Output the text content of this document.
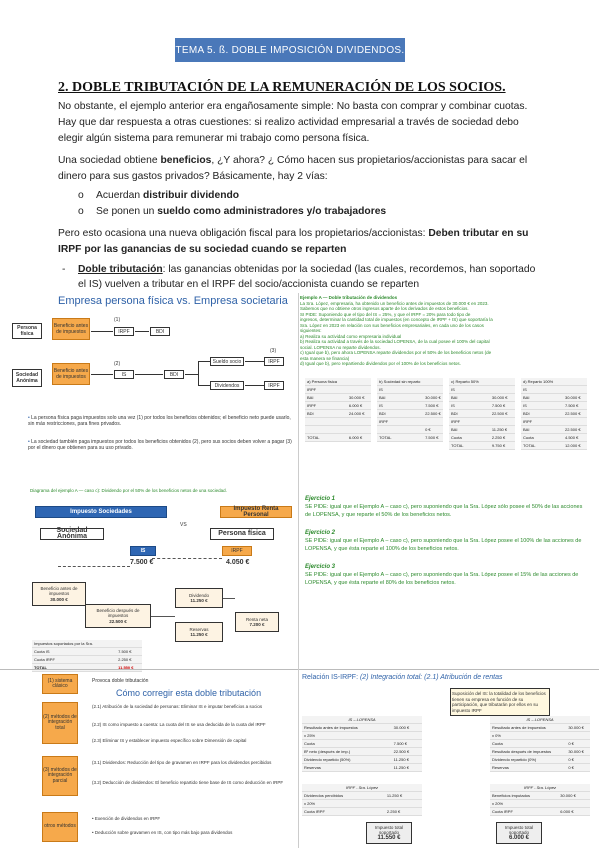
TEMA 5. ß. DOBLE IMPOSICIÓN DIVIDENDOS.
2. DOBLE TRIBUTACIÓN DE LA REMUNERACIÓN DE LOS SOCIOS.
No obstante, el ejemplo anterior era engañosamente simple: No basta con comprar y combinar cuotas. Hay que dar respuesta a otras cuestiones: si realizo actividad empresarial a través de sociedad debo elegir algún sistema para remunerar mi trabajo como persona física.
Una sociedad obtiene beneficios, ¿Y ahora? ¿ Cómo hacen sus propietarios/accionistas para sacar el dinero para sus gastos privados? Básicamente, hay 2 vías:
o Acuerdan distribuir dividendo
o Se ponen un sueldo como administradores y/o trabajadores
Pero esto ocasiona una nueva obligación fiscal para los propietarios/accionistas: Deben tributar en su IRPF por las ganancias de su sociedad cuando se reparten
- Doble tributación: las ganancias obtenidas por la sociedad (las cuales, recordemos, han soportado el IS) vuelven a tributar en el IRPF del socio/accionista cuando se reparten
Empresa persona física vs. Empresa societaria
Persona física
Beneficio antes de impuestos
(1)
IRPF	BDI
Sociedad Anónima
Beneficio antes de impuestos
(2)
IS	BDI
Sueldo socio
Dividendos
(3)
IRPF
IRPF
• La persona física paga impuestos solo una vez (1) por todos los beneficios obtenidos; el beneficio neto puede usarlo, sin más restricciones, para fines privados.
• La sociedad también paga impuestos por todos los beneficios obtenidos (2), pero sus socios deben volver a pagar (3) por el dinero que obtienen para su uso privado.
Ejemplo A — Doble tributación de dividendos
La Sra. López, empresaria, ha obtenido un beneficio antes de impuestos de 30.000 € en 2023.
Sabemos que no obtiene otros ingresos aparte de los derivados de estos beneficios.
SI PIDE: Suponiendo que el tipo del IS = 25%, y que el IRPF = 20% para todo tipo de
ingresos, determinar la cantidad total de impuestos (en concepto de IRPF + IS) que soportaría la
Sra. López en 2023 en relación con sus beneficios empresariales, en cada uno de los casos
siguientes:
a) Realiza su actividad como empresaria individual
b) Realiza su actividad a través de la sociedad LOPENSA, de la cual posee el 100% del capital
social. LOPENSA no reparte dividendos.
c) Igual que b), pero ahora LOPENSA reparte dividendos por el 50% de los beneficios netos (de
esta manera se financia)
d) Igual que b), pero repartiendo dividendos por el 100% de los beneficios netos.
a) Persona física	
IRPF	
BAI	30.000 €
IRPF	6.000 €
BDI	24.000 €

TOTAL	6.000 €
b) Sociedad sin reparto	
IS	
BAI	30.000 €
IS	7.500 €
BDI	22.500 €
IRPF	
	0 €
TOTAL	7.500 €
c) Reparto 50%	
IS	
BAI	30.000 €
IS	7.500 €
BDI	22.500 €
IRPF	
BAI	11.250 €
Cuota	2.250 €
TOTAL	9.750 €
d) Reparto 100%	
IS	
BAI	30.000 €
IS	7.500 €
BDI	22.500 €
IRPF	
BAI	22.500 €
Cuota	4.500 €
TOTAL	12.000 €
Diagrama del ejemplo A — caso c): Dividendo por el 50% de los beneficios netos de una sociedad.
Impuesto Sociedades	Impuesto Renta Personal
VS
Sociedad Anónima	Persona física
IS
7.500 €
IRPF
4.050 €
Beneficio antes de impuestos
30.000 €
Beneficio después de impuestos
22.500 €
Dividendo
11.250 €
Reservas
11.250 €
Renta neta
7.200 €
Impuestos soportados por la Sra.	
Cuota IS	7.500 €
Cuota IRPF	2.250 €
TOTAL	11.550 €
Ejercicio 1
SE PIDE: igual que el Ejemplo A – caso c), pero suponiendo que la Sra. López sólo posee el 50% de las acciones de LOPENSA, y que reparte el 50% de los beneficios netos.
Ejercicio 2
SE PIDE: igual que el Ejemplo A – caso c), pero suponiendo que la Sra. López posee el 100% de las acciones de LOPENSA, y que ésta reparte el 100% de los beneficios netos.
Ejercicio 3
SE PIDE: igual que el Ejemplo A – caso c), pero suponiendo que la Sra. López posee el 15% de las acciones de LOPENSA, y que ésta reparte el 80% de los beneficios netos.
(1) sistema clásico
Provoca doble tributación
Cómo corregir esta doble tributación
(2) métodos de integración total
(2.1) Atribución de la sociedad de personas: Eliminar IS e imputar beneficios a socios
(2.2) IS como impuesto a cuenta: La cuota del IS se usa deducida de la cuota del IRPF
(2.3) Eliminar IS y establecer impuesto específico sobre Dimensión de capital
(3) métodos de integración parcial
(3.1) Dividendos: Reducción del tipo de gravamen en IRPF para los dividendos percibidos
(3.2) Deducción de dividendos: El beneficio repartido tiene base de IS como deducción en IRPF
otros métodos
• Exención de dividendos en IRPF
• Deducción sobre gravamen en IS, con tipo más bajo para dividendos
Relación IS-IRPF: (2) Integración total: (2.1) Atribución de rentas
Suposición del IS: la totalidad de los beneficios tienen su empresa en función de su participación, que tributarán por ellos en su impuesto IRPF
IS – LOPENSA	
Resultado antes de impuestos	30.000 €
x 25%	
Cuota	7.500 €
Bº neto (después de imp.)	22.500 €
Dividendo repartido (50%)	11.250 €
Reservas	11.250 €
IS – LOPENSA	
Resultado antes de impuestos	30.000 €
x 0%	
Cuota	0 €
Resultado después de impuestos	30.000 €
Dividendo repartido (0%)	0 €
Reservas	0 €
IRPF - Sra. López	
Dividendos percibidos	11.250 €
x 20%	
Cuota IRPF	2.250 €
IRPF - Sra. López	
Beneficios imputados	30.000 €
x 20%	
Cuota IRPF	6.000 €
Impuesto total soportado
11.550 €
Impuesto total soportado
6.000 €
